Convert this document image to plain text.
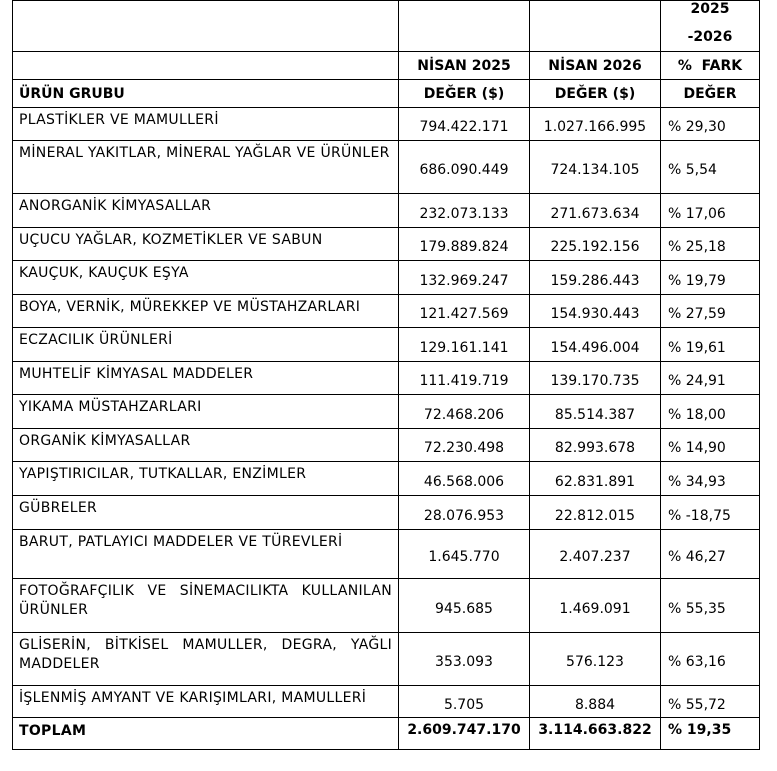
			2025
-2026

	NİSAN 2025	NİSAN 2026	%  FARK
ÜRÜN GRUBU	DEĞER ($)	DEĞER ($)	DEĞER
PLASTİKLER VE MAMULLERİ	794.422.171	1.027.166.995	% 29,30
MİNERAL YAKITLAR, MİNERAL YAĞLAR VE ÜRÜNLER	686.090.449	724.134.105	% 5,54
ANORGANİK KİMYASALLAR	232.073.133	271.673.634	% 17,06
UÇUCU YAĞLAR, KOZMETİKLER VE SABUN	179.889.824	225.192.156	% 25,18
KAUÇUK, KAUÇUK EŞYA	132.969.247	159.286.443	% 19,79
BOYA, VERNİK, MÜREKKEP VE MÜSTAHZARLARI	121.427.569	154.930.443	% 27,59
ECZACILIK ÜRÜNLERİ	129.161.141	154.496.004	% 19,61
MUHTELİF KİMYASAL MADDELER	111.419.719	139.170.735	% 24,91
YIKAMA MÜSTAHZARLARI	72.468.206	85.514.387	% 18,00
ORGANİK KİMYASALLAR	72.230.498	82.993.678	% 14,90
YAPIŞTIRICILAR, TUTKALLAR, ENZİMLER	46.568.006	62.831.891	% 34,93
GÜBRELER	28.076.953	22.812.015	% -18,75
BARUT, PATLAYICI MADDELER VE TÜREVLERİ	1.645.770	2.407.237	% 46,27
FOTOĞRAFÇILIK VE SİNEMACILIKTA KULLANILAN ÜRÜNLER	945.685	1.469.091	% 55,35
GLİSERİN, BİTKİSEL MAMULLER, DEGRA, YAĞLI MADDELER	353.093	576.123	% 63,16
İŞLENMİŞ AMYANT VE KARIŞIMLARI, MAMULLERİ	5.705	8.884	% 55,72
TOPLAM	2.609.747.170	3.114.663.822	% 19,35
